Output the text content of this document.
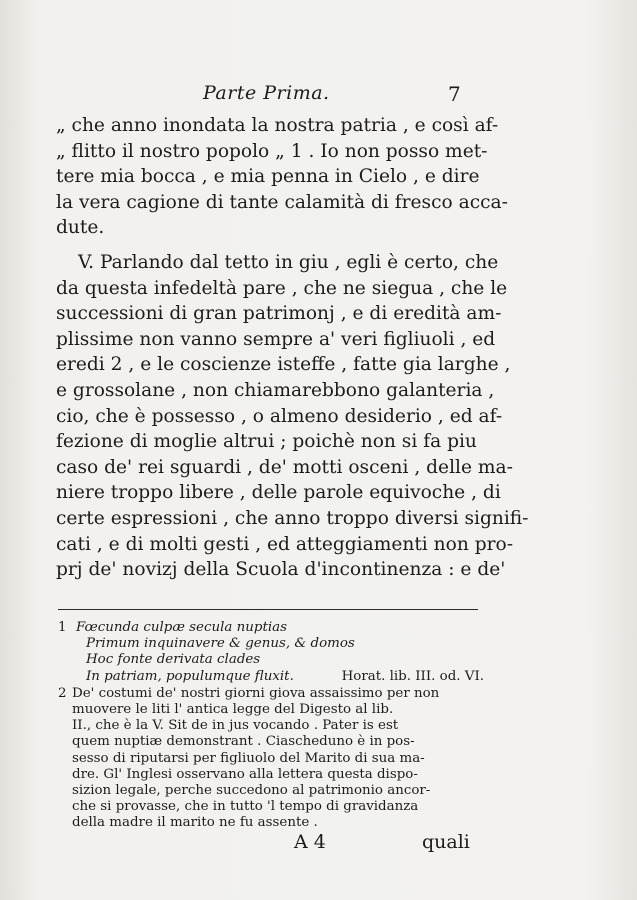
Parte Prima.	7
„ che anno inondata la nostra patria , e così af-
„ flitto il nostro popolo „ 1 . Io non posso met-
tere mia bocca , e mia penna in Cielo , e dire
la vera cagione di tante calamità di fresco acca-
dute.
V. Parlando dal tetto in giu , egli è certo, che
da questa infedeltà pare , che ne siegua , che le
successioni di gran patrimonj , e di eredità am-
plissime non vanno sempre a' veri figliuoli , ed
eredi 2 , e le coscienze isteffe , fatte gia larghe ,
e grossolane , non chiamarebbono galanteria ,
cio, che è possesso , o almeno desiderio , ed af-
fezione di moglie altrui ; poichè non si fa piu
caso de' rei sguardi , de' motti osceni , delle ma-
niere troppo libere , delle parole equivoche , di
certe espressioni , che anno troppo diversi signifi-
cati , e di molti gesti , ed atteggiamenti non pro-
prj de' novizj della Scuola d'incontinenza : e de'
1 Fœcunda culpæ secula nuptias
Primum inquinavere & genus, & domos
Hoc fonte derivata clades
In patriam, populumque fluxit.	Horat. lib. III. od. VI.
2 De' costumi de' nostri giorni giova assaissimo per non
muovere le liti l' antica legge del Digesto al lib.
II., che è la V. Sit de in jus vocando . Pater is est
quem nuptiæ demonstrant . Ciascheduno è in pos-
sesso di riputarsi per figliuolo del Marito di sua ma-
dre. Gl' Inglesi osservano alla lettera questa dispo-
sizion legale, perche succedono al patrimonio ancor-
che si provasse, che in tutto 'l tempo di gravidanza
della madre il marito ne fu assente .
A 4	quali
